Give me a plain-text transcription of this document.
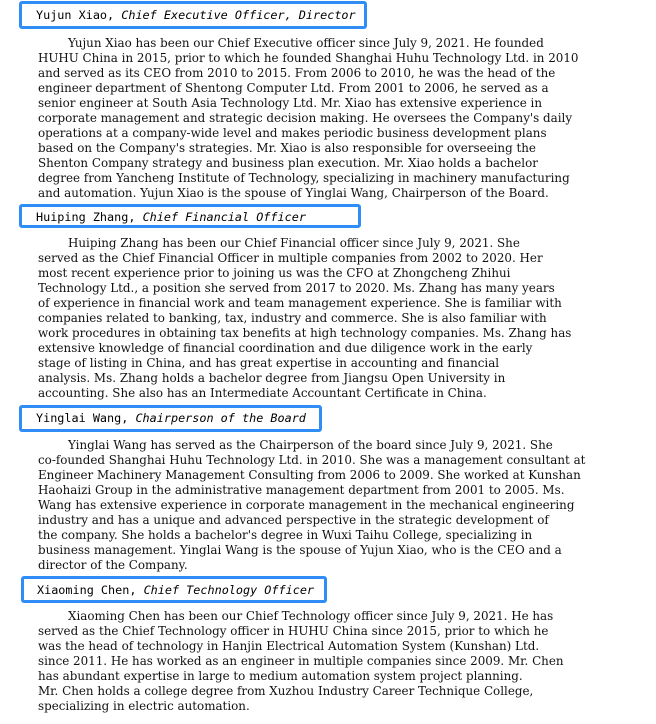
Yujun Xiao, Chief Executive Officer, Director
Yujun Xiao has been our Chief Executive officer since July 9, 2021. He founded
HUHU China in 2015, prior to which he founded Shanghai Huhu Technology Ltd. in 2010
and served as its CEO from 2010 to 2015. From 2006 to 2010, he was the head of the
engineer department of Shentong Computer Ltd. From 2001 to 2006, he served as a
senior engineer at South Asia Technology Ltd. Mr. Xiao has extensive experience in
corporate management and strategic decision making. He oversees the Company's daily
operations at a company-wide level and makes periodic business development plans
based on the Company's strategies. Mr. Xiao is also responsible for overseeing the
Shenton Company strategy and business plan execution. Mr. Xiao holds a bachelor
degree from Yancheng Institute of Technology, specializing in machinery manufacturing
and automation. Yujun Xiao is the spouse of Yinglai Wang, Chairperson of the Board.
Huiping Zhang, Chief Financial Officer
Huiping Zhang has been our Chief Financial officer since July 9, 2021. She
served as the Chief Financial Officer in multiple companies from 2002 to 2020. Her
most recent experience prior to joining us was the CFO at Zhongcheng Zhihui
Technology Ltd., a position she served from 2017 to 2020. Ms. Zhang has many years
of experience in financial work and team management experience. She is familiar with
companies related to banking, tax, industry and commerce. She is also familiar with
work procedures in obtaining tax benefits at high technology companies. Ms. Zhang has
extensive knowledge of financial coordination and due diligence work in the early
stage of listing in China, and has great expertise in accounting and financial
analysis. Ms. Zhang holds a bachelor degree from Jiangsu Open University in
accounting. She also has an Intermediate Accountant Certificate in China.
Yinglai Wang, Chairperson of the Board
Yinglai Wang has served as the Chairperson of the board since July 9, 2021. She
co-founded Shanghai Huhu Technology Ltd. in 2010. She was a management consultant at
Engineer Machinery Management Consulting from 2006 to 2009. She worked at Kunshan
Haohaizi Group in the administrative management department from 2001 to 2005. Ms.
Wang has extensive experience in corporate management in the mechanical engineering
industry and has a unique and advanced perspective in the strategic development of
the company. She holds a bachelor's degree in Wuxi Taihu College, specializing in
business management. Yinglai Wang is the spouse of Yujun Xiao, who is the CEO and a
director of the Company.
Xiaoming Chen, Chief Technology Officer
Xiaoming Chen has been our Chief Technology officer since July 9, 2021. He has
served as the Chief Technology officer in HUHU China since 2015, prior to which he
was the head of technology in Hanjin Electrical Automation System (Kunshan) Ltd.
since 2011. He has worked as an engineer in multiple companies since 2009. Mr. Chen
has abundant expertise in large to medium automation system project planning.
Mr. Chen holds a college degree from Xuzhou Industry Career Technique College,
specializing in electric automation.
